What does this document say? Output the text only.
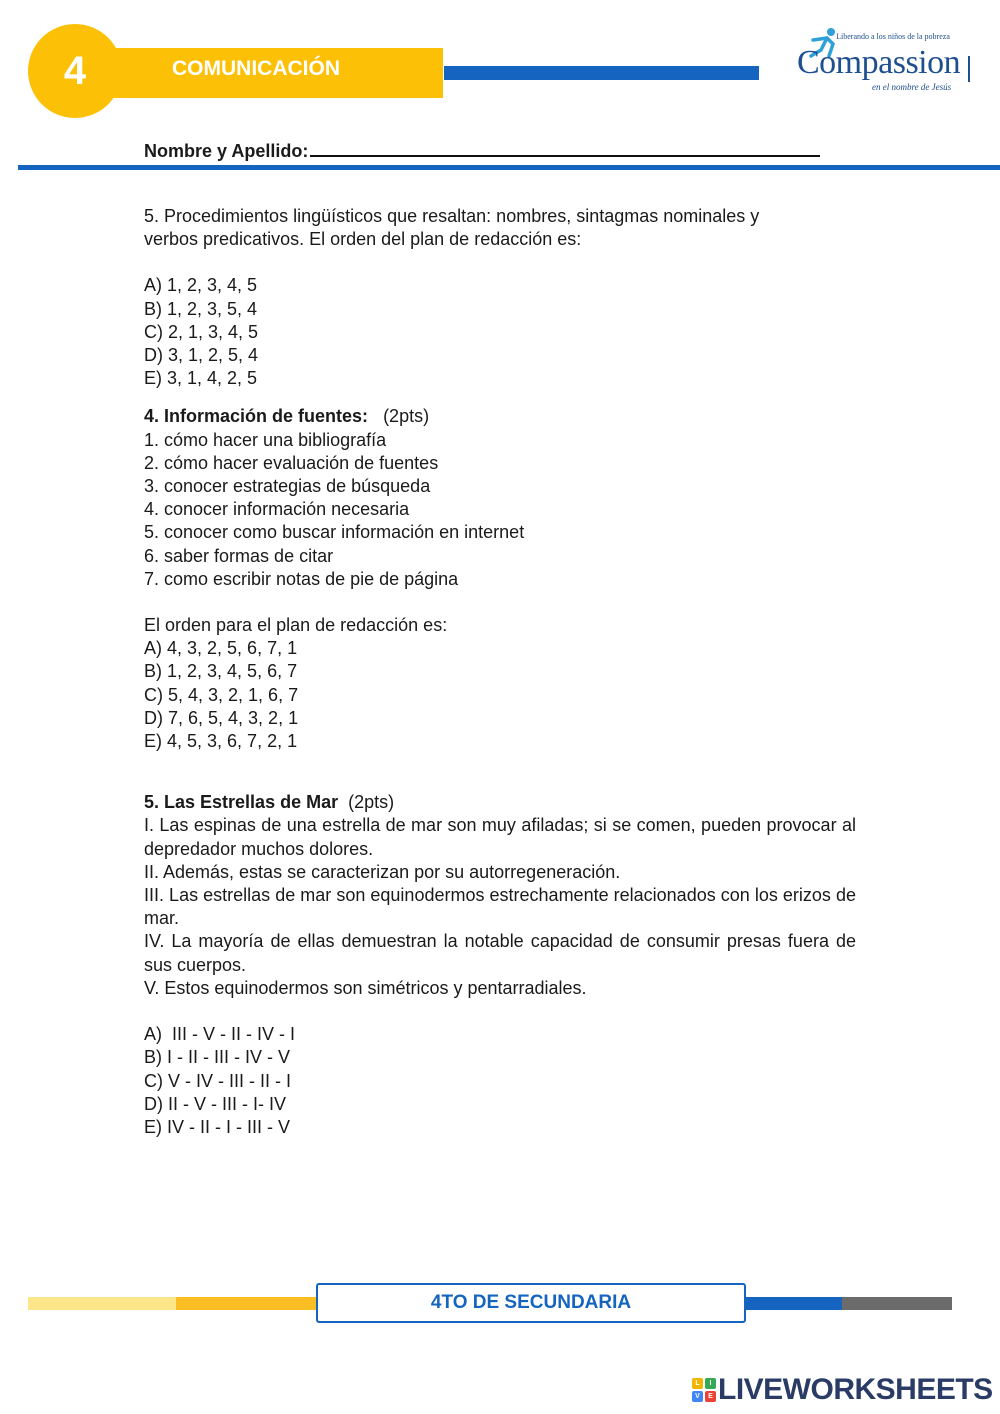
4	COMUNICACIÓN
Liberando a los niños de la pobreza
Compassion
en el nombre de Jesús
Nombre y Apellido:

5. Procedimientos lingüísticos que resaltan: nombres, sintagmas nominales y

verbos predicativos. El orden del plan de redacción es:

A) 1, 2, 3, 4, 5

B) 1, 2, 3, 5, 4

C) 2, 1, 3, 4, 5

D) 3, 1, 2, 5, 4

E) 3, 1, 4, 2, 5

4. Información de fuentes: (2pts)

1. cómo hacer una bibliografía

2. cómo hacer evaluación de fuentes

3. conocer estrategias de búsqueda

4. conocer información necesaria

5. conocer como buscar información en internet

6. saber formas de citar

7. como escribir notas de pie de página

El orden para el plan de redacción es:

A) 4, 3, 2, 5, 6, 7, 1

B) 1, 2, 3, 4, 5, 6, 7

C) 5, 4, 3, 2, 1, 6, 7

D) 7, 6, 5, 4, 3, 2, 1

E) 4, 5, 3, 6, 7, 2, 1

5. Las Estrellas de Mar (2pts)

I. Las espinas de una estrella de mar son muy afiladas; si se comen, pueden provocar al depredador muchos dolores.

II. Además, estas se caracterizan por su autorregeneración.

III. Las estrellas de mar son equinodermos estrechamente relacionados con los erizos de mar.

IV. La mayoría de ellas demuestran la notable capacidad de consumir presas fuera de sus cuerpos.

V. Estos equinodermos son simétricos y pentarradiales.

A)  III - V - II - IV - I

B) I - II - III - IV - V

C) V - IV - III - II - I

D) II - V - III - I- IV

E) IV - II - I - III - V

4TO DE SECUNDARIA
L	I
V	E LIVEWORKSHEETS
